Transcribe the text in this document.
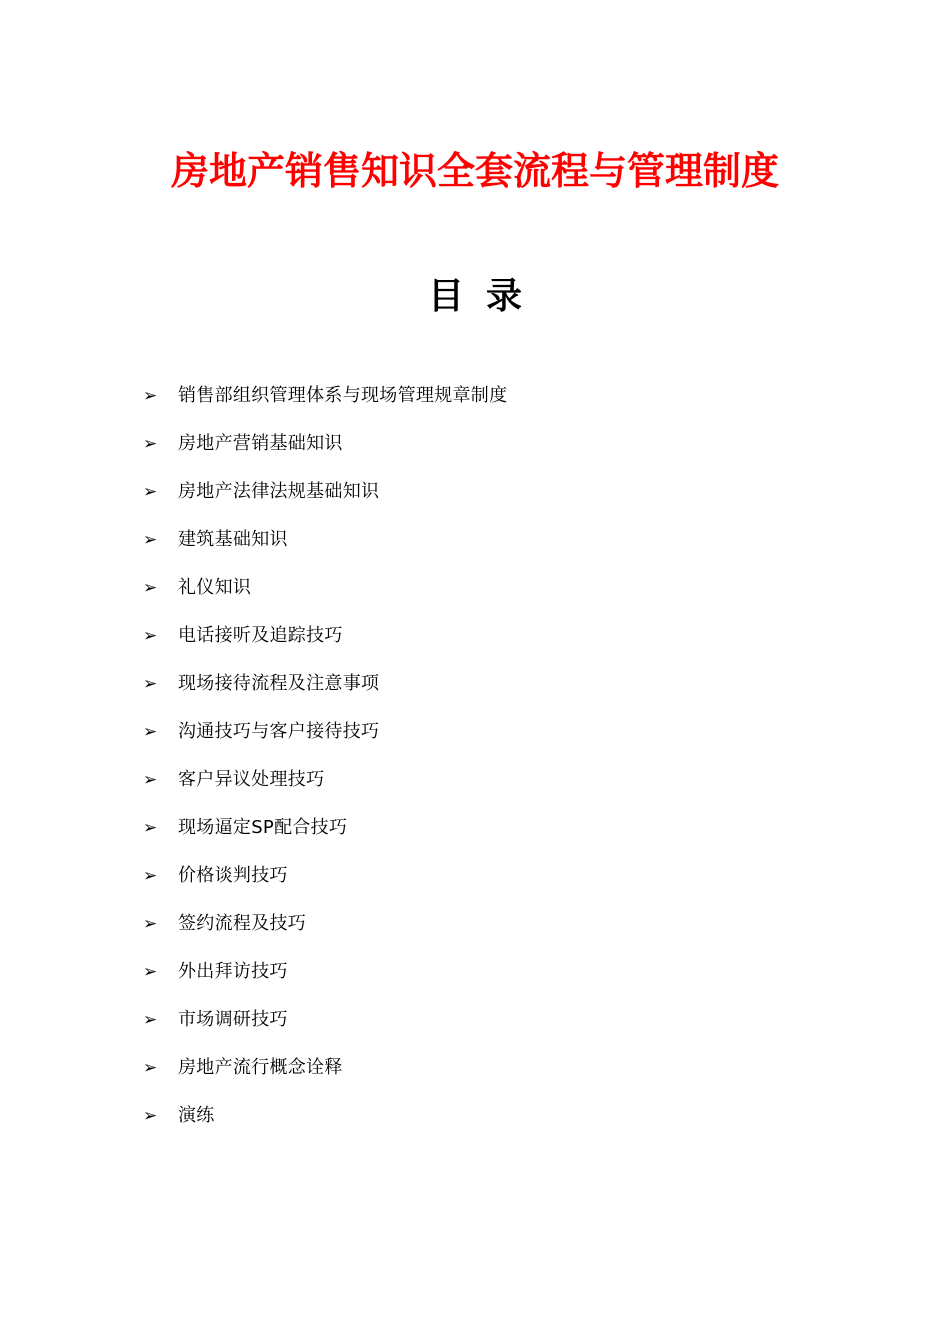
房地产销售知识全套流程与管理制度
目录
➢	销售部组织管理体系与现场管理规章制度
➢	房地产营销基础知识
➢	房地产法律法规基础知识
➢	建筑基础知识
➢	礼仪知识
➢	电话接听及追踪技巧
➢	现场接待流程及注意事项
➢	沟通技巧与客户接待技巧
➢	客户异议处理技巧
➢	现场逼定SP配合技巧
➢	价格谈判技巧
➢	签约流程及技巧
➢	外出拜访技巧
➢	市场调研技巧
➢	房地产流行概念诠释
➢	演练
